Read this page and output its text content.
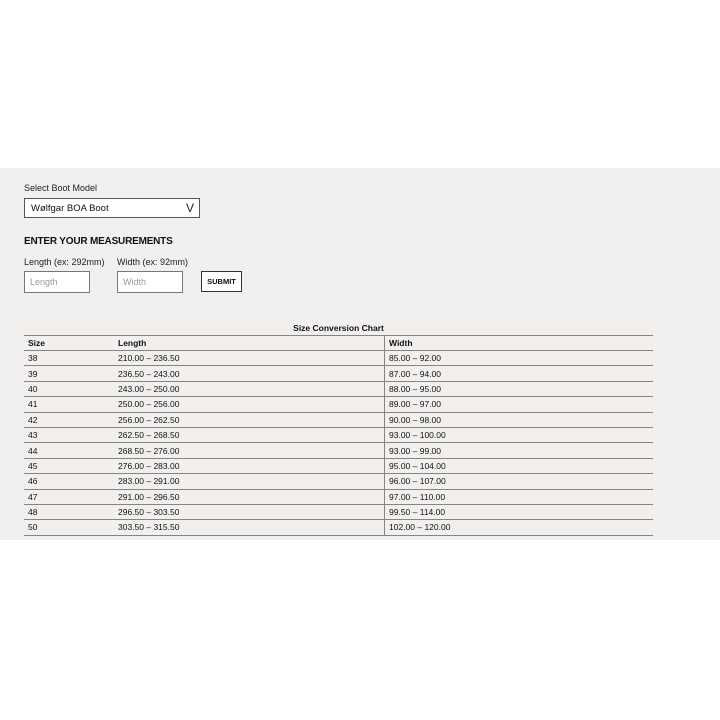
Select Boot Model
Wølfgar BOA Boot	V
ENTER YOUR MEASUREMENTS
Length (ex: 292mm)
Length Width (ex: 92mm)
Width
SUBMIT
Size Conversion Chart
Size	Length	Width
38	210.00 – 236.50	85.00 – 92.00
39	236.50 – 243.00	87.00 – 94.00
40	243.00 – 250.00	88.00 – 95.00
41	250.00 – 256.00	89.00 – 97.00
42	256.00 – 262.50	90.00 – 98.00
43	262.50 – 268.50	93.00 – 100.00
44	268.50 – 276.00	93.00 – 99.00
45	276.00 – 283.00	95.00 – 104.00
46	283.00 – 291.00	96.00 – 107.00
47	291.00 – 296.50	97.00 – 110.00
48	296.50 – 303.50	99.50 – 114.00
50	303.50 – 315.50	102.00 – 120.00
